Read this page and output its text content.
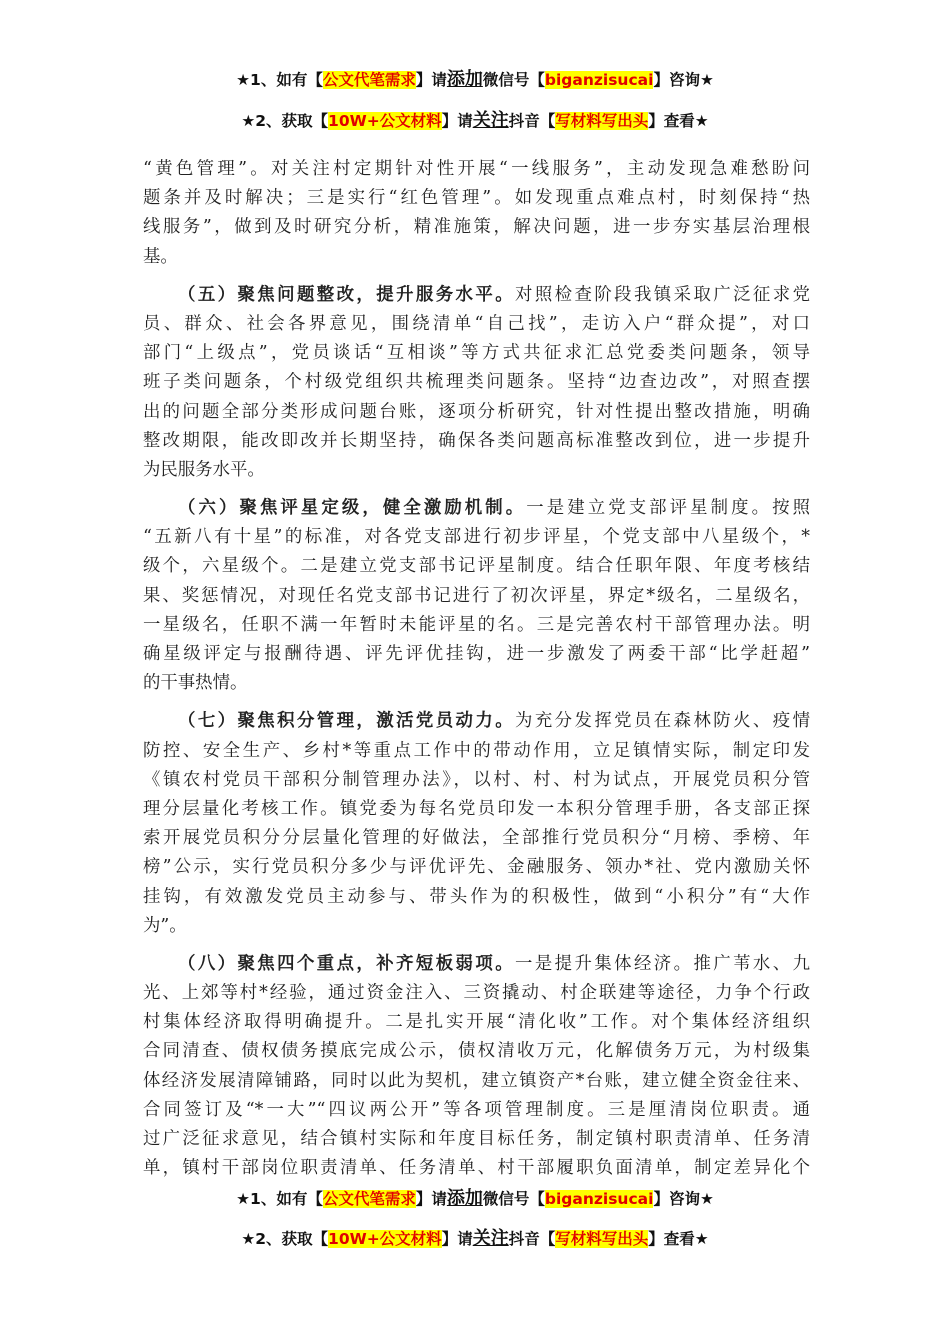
★1、如有【公文代笔需求】请添加微信号【biganzisucai】咨询★
★2、获取【10W+公文材料】请关注抖音【写材料写出头】查看★
“黄色管理”。对关注村定期针对性开展“一线服务”，主动发现急难愁盼问
题条并及时解决；三是实行“红色管理”。如发现重点难点村，时刻保持“热
线服务”，做到及时研究分析，精准施策，解决问题，进一步夯实基层治理根
基。
（五）聚焦问题整改，提升服务水平。对照检查阶段我镇采取广泛征求党
员、群众、社会各界意见，围绕清单“自己找”，走访入户“群众提”，对口
部门“上级点”，党员谈话“互相谈”等方式共征求汇总党委类问题条，领导
班子类问题条，个村级党组织共梳理类问题条。坚持“边查边改”，对照查摆
出的问题全部分类形成问题台账，逐项分析研究，针对性提出整改措施，明确
整改期限，能改即改并长期坚持，确保各类问题高标准整改到位，进一步提升
为民服务水平。
（六）聚焦评星定级，健全激励机制。一是建立党支部评星制度。按照
“五新八有十星”的标准，对各党支部进行初步评星，个党支部中八星级个，*
级个，六星级个。二是建立党支部书记评星制度。结合任职年限、年度考核结
果、奖惩情况，对现任名党支部书记进行了初次评星，界定*级名，二星级名，
一星级名，任职不满一年暂时未能评星的名。三是完善农村干部管理办法。明
确星级评定与报酬待遇、评先评优挂钩，进一步激发了两委干部“比学赶超”
的干事热情。
（七）聚焦积分管理，激活党员动力。为充分发挥党员在森林防火、疫情
防控、安全生产、乡村*等重点工作中的带动作用，立足镇情实际，制定印发
《镇农村党员干部积分制管理办法》，以村、村、村为试点，开展党员积分管
理分层量化考核工作。镇党委为每名党员印发一本积分管理手册，各支部正探
索开展党员积分分层量化管理的好做法，全部推行党员积分“月榜、季榜、年
榜”公示，实行党员积分多少与评优评先、金融服务、领办*社、党内激励关怀
挂钩，有效激发党员主动参与、带头作为的积极性，做到“小积分”有“大作
为”。
（八）聚焦四个重点，补齐短板弱项。一是提升集体经济。推广苇水、九
光、上郊等村*经验，通过资金注入、三资撬动、村企联建等途径，力争个行政
村集体经济取得明确提升。二是扎实开展“清化收”工作。对个集体经济组织
合同清查、债权债务摸底完成公示，债权清收万元，化解债务万元，为村级集
体经济发展清障铺路，同时以此为契机，建立镇资产*台账，建立健全资金往来、
合同签订及“*一大”“四议两公开”等各项管理制度。三是厘清岗位职责。通
过广泛征求意见，结合镇村实际和年度目标任务，制定镇村职责清单、任务清
单，镇村干部岗位职责清单、任务清单、村干部履职负面清单，制定差异化个
★1、如有【公文代笔需求】请添加微信号【biganzisucai】咨询★
★2、获取【10W+公文材料】请关注抖音【写材料写出头】查看★
